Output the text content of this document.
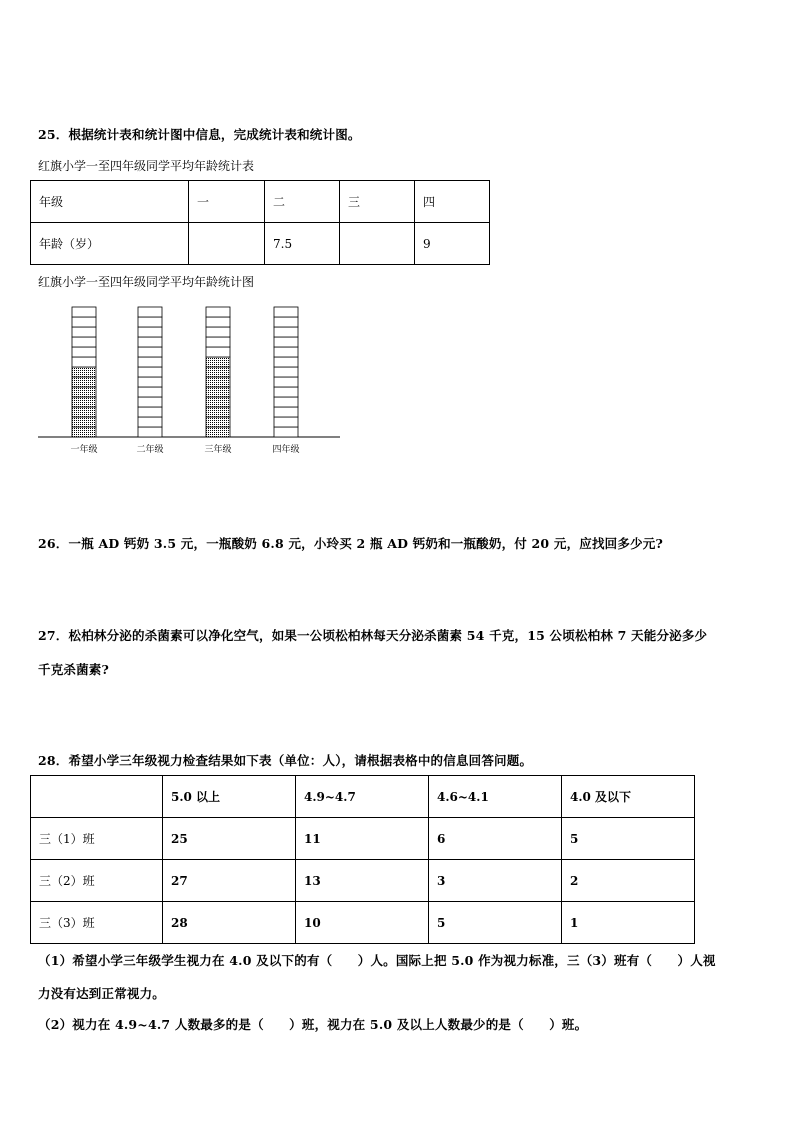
25．根据统计表和统计图中信息，完成统计表和统计图。
红旗小学一至四年级同学平均年龄统计表
年级	一	二	三	四
年龄（岁）		7.5		9
红旗小学一至四年级同学平均年龄统计图
一年级	二年级	三年级	四年级
26．一瓶 AD 钙奶 3.5 元，一瓶酸奶 6.8 元，小玲买 2 瓶 AD 钙奶和一瓶酸奶，付 20 元，应找回多少元?
27．松柏林分泌的杀菌素可以净化空气，如果一公顷松柏林每天分泌杀菌素 54 千克，15 公顷松柏林 7 天能分泌多少
千克杀菌素?
28．希望小学三年级视力检查结果如下表（单位：人），请根据表格中的信息回答问题。
	5.0 以上	4.9~4.7	4.6~4.1	4.0 及以下
三（1）班	25	11	6	5
三（2）班	27	13	3	2
三（3）班	28	10	5	1
（1）希望小学三年级学生视力在 4.0 及以下的有（　　）人。国际上把 5.0 作为视力标准，三（3）班有（　　）人视
力没有达到正常视力。
（2）视力在 4.9~4.7 人数最多的是（　　）班，视力在 5.0 及以上人数最少的是（　　）班。
